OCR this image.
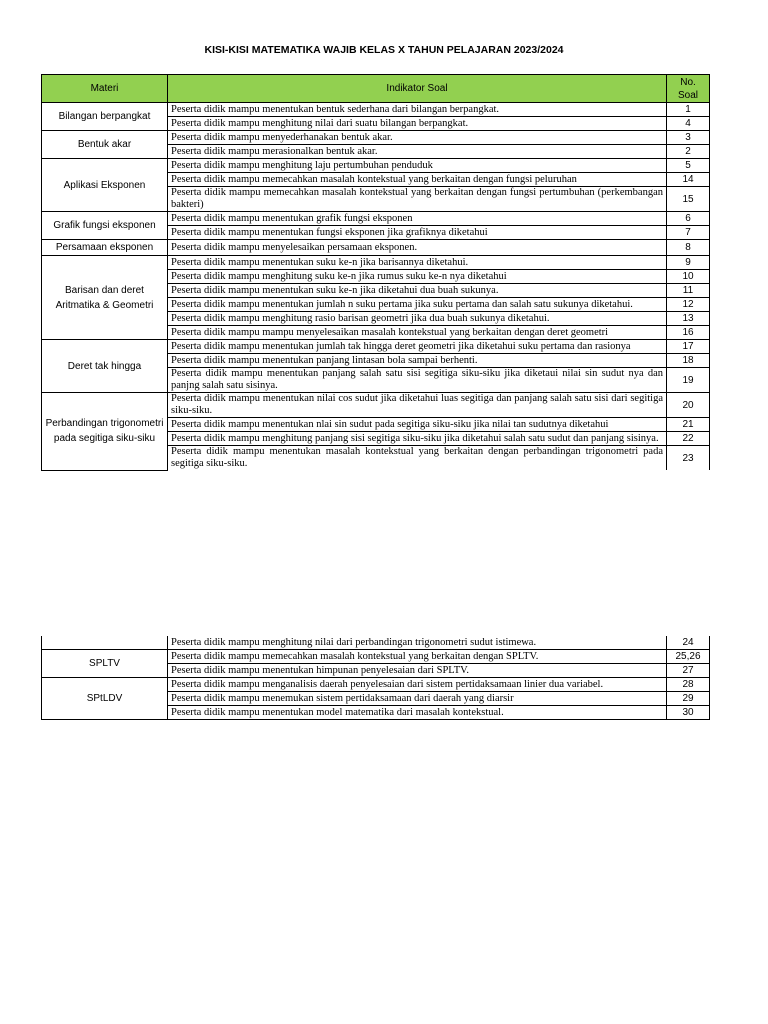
KISI-KISI MATEMATIKA WAJIB KELAS X TAHUN PELAJARAN 2023/2024
Materi	Indikator Soal	No.
Soal
Bilangan berpangkat	Peserta didik mampu menentukan bentuk sederhana dari bilangan berpangkat.	1
	Peserta didik mampu menghitung nilai dari suatu bilangan berpangkat.	4
Bentuk akar	Peserta didik mampu menyederhanakan bentuk akar.	3
	Peserta didik mampu merasionalkan bentuk akar.	2
Aplikasi Eksponen	Peserta didik mampu menghitung laju pertumbuhan penduduk	5
	Peserta didik mampu memecahkan masalah kontekstual yang berkaitan dengan fungsi peluruhan	14
	Peserta didik mampu memecahkan masalah kontekstual yang berkaitan dengan fungsi pertumbuhan (perkembangan bakteri)	15
Grafik fungsi eksponen	Peserta didik mampu menentukan grafik fungsi eksponen	6
	Peserta didik mampu menentukan fungsi eksponen jika grafiknya diketahui	7
Persamaan eksponen	Peserta didik mampu menyelesaikan persamaan eksponen.	8
Barisan dan deret Aritmatika & Geometri	Peserta didik mampu menentukan suku ke-n jika barisannya diketahui.	9
	Peserta didik mampu menghitung suku ke-n jika rumus suku ke-n nya diketahui	10
	Peserta didik mampu menentukan suku ke-n jika diketahui dua buah sukunya.	11
	Peserta didik mampu menentukan jumlah n suku pertama jika suku pertama dan salah satu sukunya diketahui.	12
	Peserta didik mampu menghitung rasio barisan geometri jika dua buah sukunya diketahui.	13
	Peserta didik mampu mampu menyelesaikan masalah kontekstual yang berkaitan dengan deret geometri	16
Deret tak hingga	Peserta didik mampu menentukan jumlah tak hingga deret geometri jika diketahui suku pertama dan rasionya	17
	Peserta didik mampu menentukan panjang lintasan bola sampai berhenti.	18
	Peserta didik mampu menentukan panjang salah satu sisi segitiga siku-siku jika diketaui nilai sin sudut nya dan panjng salah satu sisinya.	19
Perbandingan trigonometri pada segitiga siku-siku	Peserta didik mampu menentukan nilai cos sudut jika diketahui luas segitiga dan panjang salah satu sisi dari segitiga siku-siku.	20
	Peserta didik mampu menentukan nlai sin sudut pada segitiga siku-siku jika nilai tan sudutnya diketahui	21
	Peserta didik mampu menghitung panjang sisi segitiga siku-siku jika diketahui salah satu sudut dan panjang sisinya.	22
	Peserta didik mampu menentukan masalah kontekstual yang berkaitan dengan perbandingan trigonometri pada segitiga siku-siku.	23
	Peserta didik mampu menghitung nilai dari perbandingan trigonometri sudut istimewa.	24
SPLTV	Peserta didik mampu memecahkan masalah kontekstual yang berkaitan dengan SPLTV.	25,26
	Peserta didik mampu menentukan himpunan penyelesaian dari SPLTV.	27
SPtLDV	Peserta didik mampu menganalisis daerah penyelesaian dari sistem pertidaksamaan linier dua variabel.	28
	Peserta didik mampu menemukan sistem pertidaksamaan dari daerah yang diarsir	29
	Peserta didik mampu menentukan model matematika dari masalah kontekstual.	30
